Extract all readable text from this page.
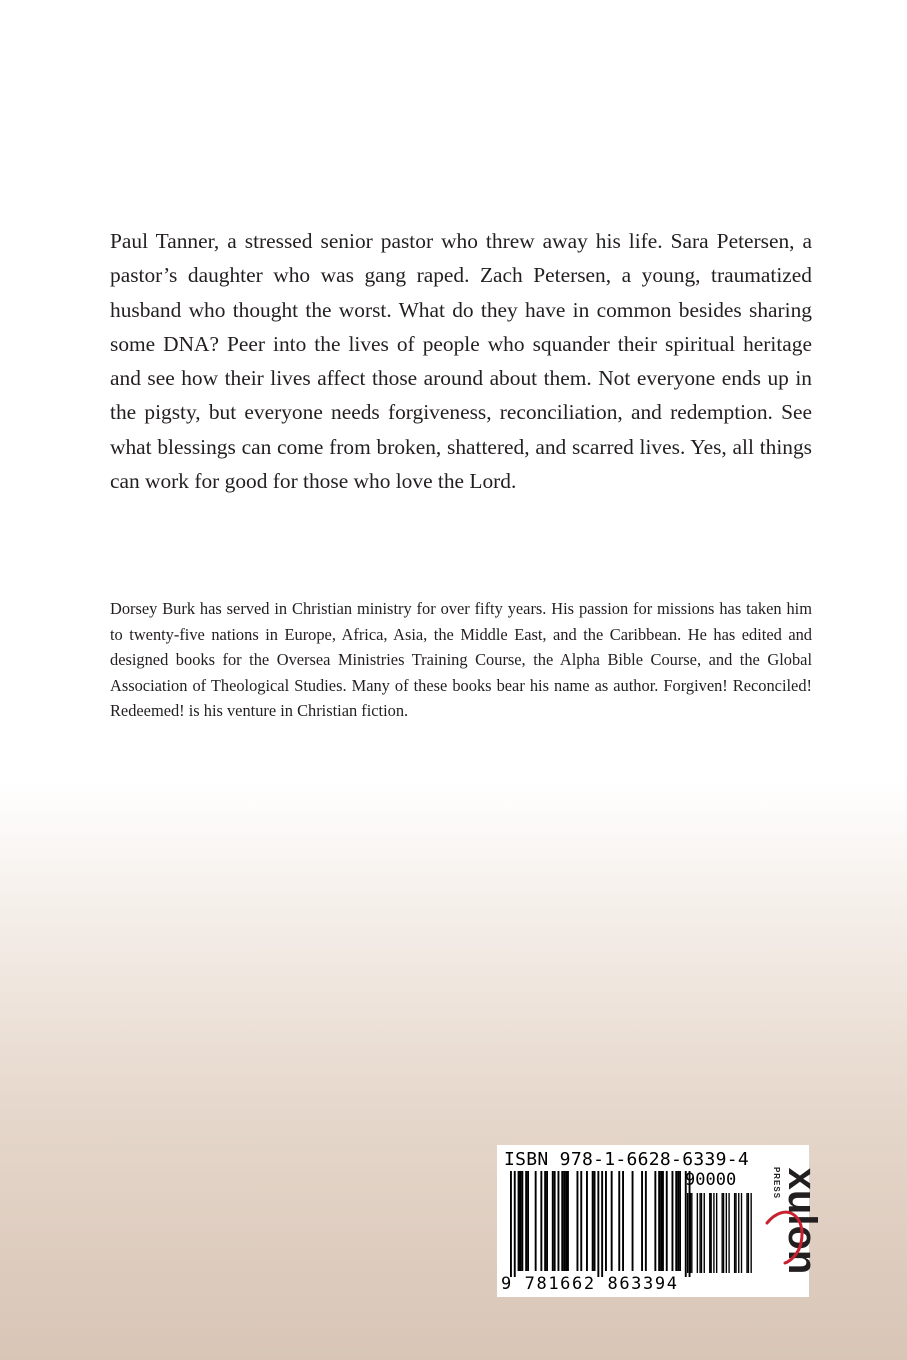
Paul Tanner, a stressed senior pastor who threw away his life. Sara Petersen, a pastor’s daughter who was gang raped. Zach Petersen, a young, traumatized husband who thought the worst. What do they have in common besides sharing some DNA? Peer into the lives of people who squander their spiritual heritage and see how their lives affect those around about them. Not everyone ends up in the pigsty, but everyone needs forgiveness, reconciliation, and redemption. See what blessings can come from broken, shattered, and scarred lives. Yes, all things can work for good for those who love the Lord.

Dorsey Burk has served in Christian ministry for over fifty years. His passion for missions has taken him to twenty-five nations in Europe, Africa, Asia, the Middle East, and the Caribbean. He has edited and designed books for the Oversea Ministries Training Course, the Alpha Bible Course, and the Global Association of Theological Studies. Many of these books bear his name as author. Forgiven! Reconciled! Redeemed! is his venture in Christian fiction.

ISBN 978-1-6628-6339-4
90000
9 781662 863394
xulon
PRESS
